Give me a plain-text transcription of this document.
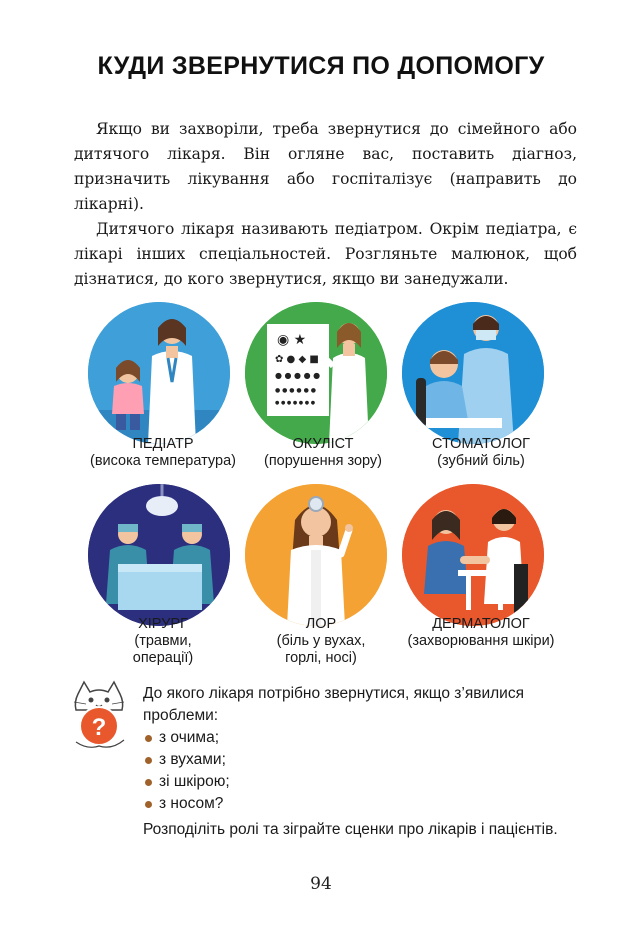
КУДИ ЗВЕРНУТИСЯ ПО ДОПОМОГУ
Якщо ви захворіли, треба звернутися до сімейного або дитячого лікаря. Він огляне вас, поставить діагноз, призначить лікування або госпіталізує (направить до лікарні).
Дитячого лікаря називають педіатром. Окрім педіатра, є лікарі інших спеціальностей. Розгляньте малюнок, щоб дізнатися, до кого звернутися, якщо ви занедужали.
ПЕДІАТР
(висока температура)
◉ ★
✿ ● ◆ ■
● ● ● ● ●
● ● ● ● ● ●
● ● ● ● ● ● ●
ОКУЛІСТ
(порушення зору)
СТОМАТОЛОГ
(зубний біль)
ХІРУРГ
(травми, операції)
ЛОР
(біль у вухах, горлі, носі)
ДЕРМАТОЛОГ
(захворювання шкіри)
?
До якого лікаря потрібно звернутися, якщо з’явилися проблеми:
з очима;
з вухами;
зі шкірою;
з носом?
Розподіліть ролі та зіграйте сценки про лікарів і пацієнтів.
94
